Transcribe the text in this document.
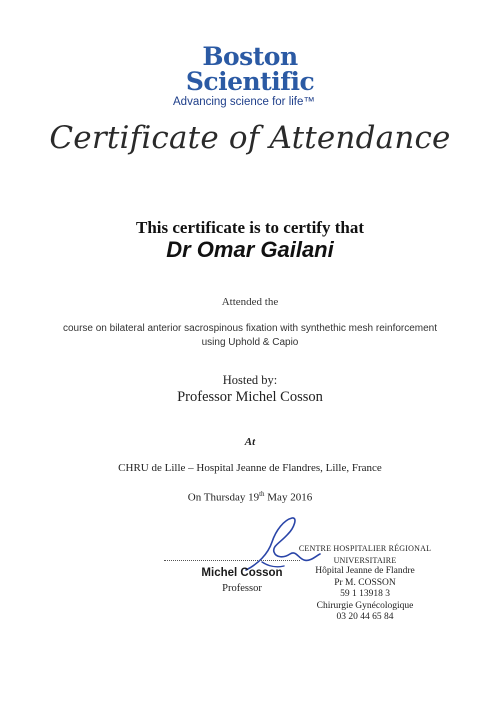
Boston
Scientific
Advancing science for life™
Certificate of Attendance
This certificate is to certify that
Dr Omar Gailani
Attended the
course on bilateral anterior sacrospinous fixation with synthethic mesh reinforcement
using Uphold & Capio
Hosted by:
Professor Michel Cosson
At
CHRU de Lille – Hospital Jeanne de Flandres, Lille, France
On Thursday 19th May 2016
Michel Cosson
Professor
CENTRE HOSPITALIER RÉGIONAL UNIVERSITAIRE
Hôpital Jeanne de Flandre
Pr M. COSSON
59 1 13918 3
Chirurgie Gynécologique
03 20 44 65 84
